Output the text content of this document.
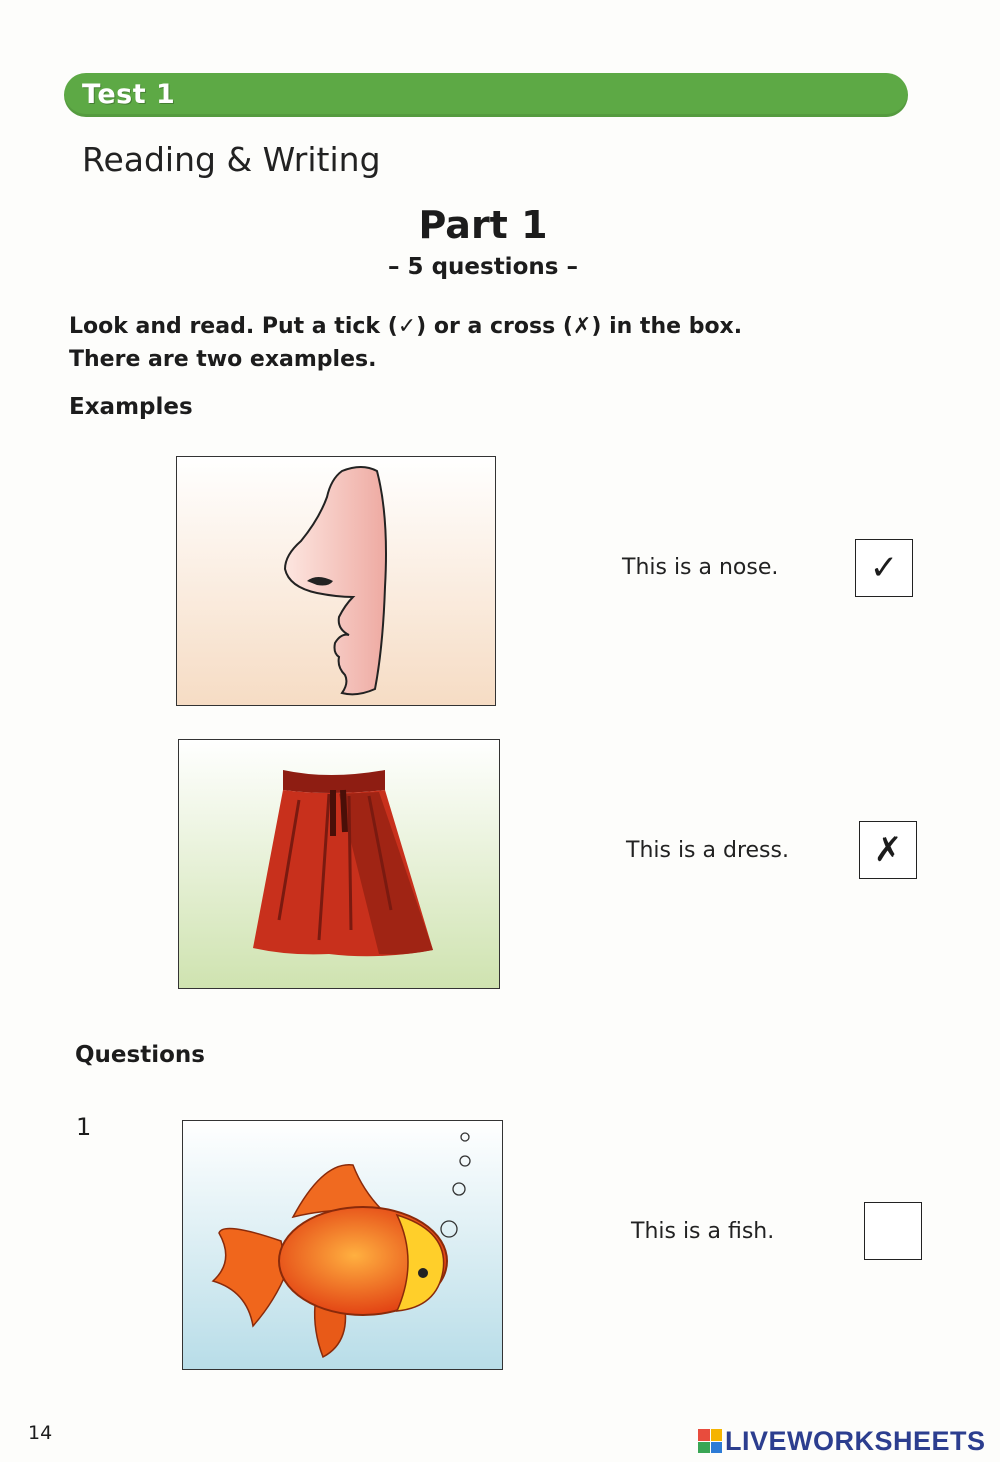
Test 1
Reading & Writing
Part 1
– 5 questions –
Look and read. Put a tick (✓) or a cross (✗) in the box.
There are two examples.
Examples
This is a nose.	✓
This is a dress.	✗
Questions
1
This is a fish.
14	LIVEWORKSHEETS
